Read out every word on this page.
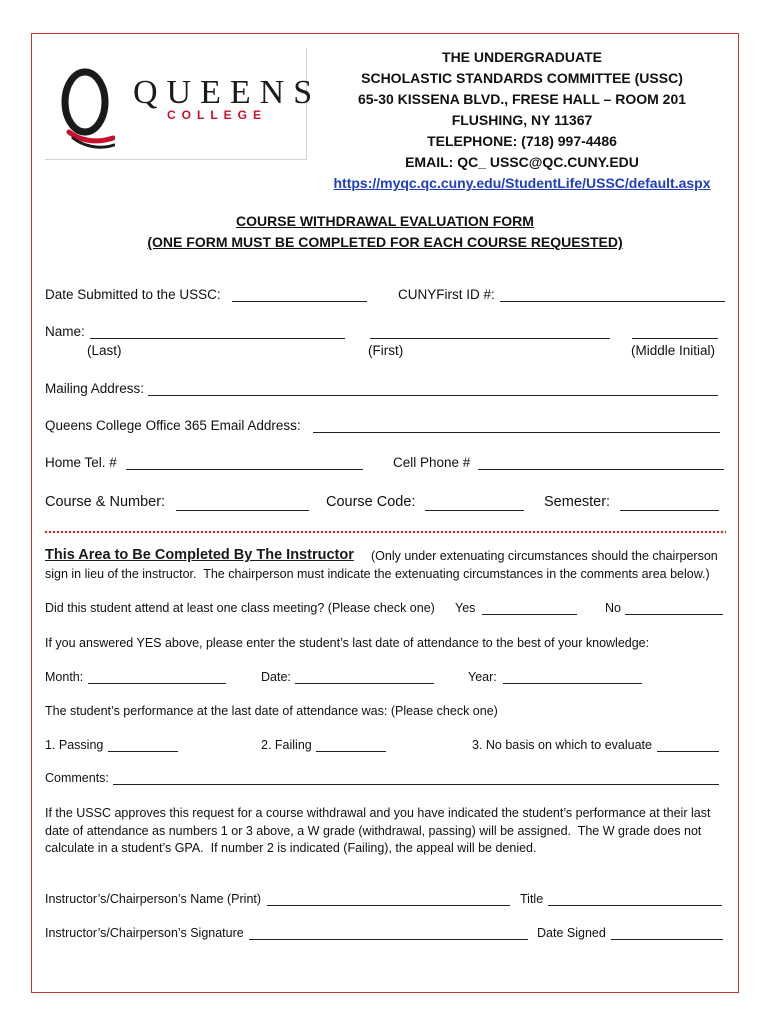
QUEENS
COLLEGE
THE UNDERGRADUATE
SCHOLASTIC STANDARDS COMMITTEE (USSC)
65-30 KISSENA BLVD., FRESE HALL – ROOM 201
FLUSHING, NY 11367
TELEPHONE: (718) 997-4486
EMAIL: QC_ USSC@QC.CUNY.EDU
https://myqc.qc.cuny.edu/StudentLife/USSC/default.aspx
COURSE WITHDRAWAL EVALUATION FORM
(ONE FORM MUST BE COMPLETED FOR EACH COURSE REQUESTED)
Date Submitted to the USSC:	CUNYFirst ID #:
Name:
(Last)	(First)	(Middle Initial)
Mailing Address:
Queens College Office 365 Email Address:
Home Tel. #	Cell Phone #
Course & Number:	Course Code:	Semester:
This Area to Be Completed By The Instructor (Only under extenuating circumstances should the chairperson
sign in lieu of the instructor.  The chairperson must indicate the extenuating circumstances in the comments area below.)
Did this student attend at least one class meeting? (Please check one) Yes	No
If you answered YES above, please enter the student’s last date of attendance to the best of your knowledge:
Month:	Date:	Year:
The student’s performance at the last date of attendance was: (Please check one)
1. Passing	2. Failing	3. No basis on which to evaluate
Comments:
If the USSC approves this request for a course withdrawal and you have indicated the student’s performance at their last
date of attendance as numbers 1 or 3 above, a W grade (withdrawal, passing) will be assigned.  The W grade does not
calculate in a student’s GPA.  If number 2 is indicated (Failing), the appeal will be denied.
Instructor’s/Chairperson’s Name (Print)	Title
Instructor’s/Chairperson’s Signature	Date Signed
